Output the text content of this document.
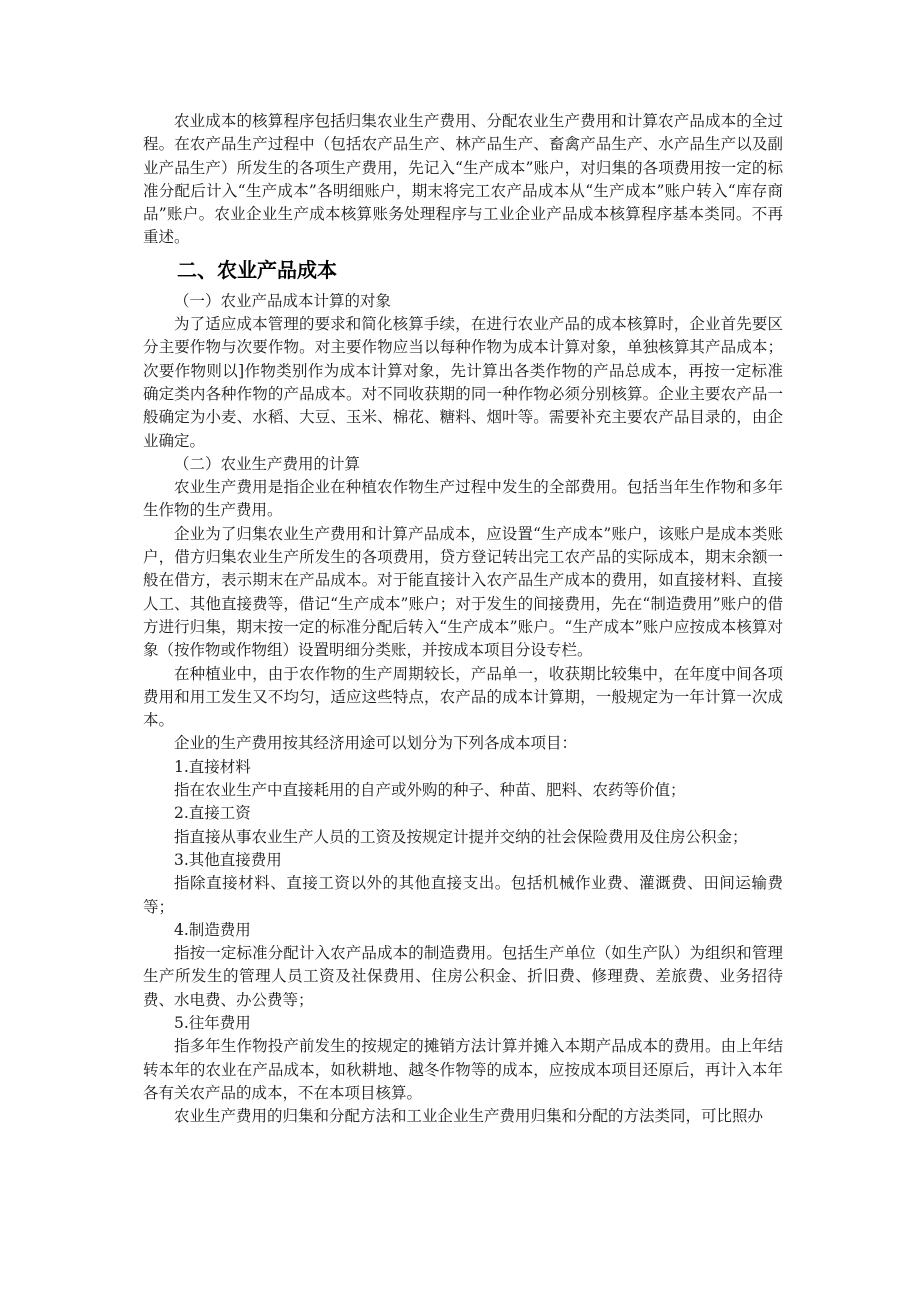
农业成本的核算程序包括归集农业生产费用、分配农业生产费用和计算农产品成本的全过程。在农产品生产过程中（包括农产品生产、林产品生产、畜禽产品生产、水产品生产以及副业产品生产）所发生的各项生产费用，先记入“生产成本”账户，对归集的各项费用按一定的标准分配后计入“生产成本”各明细账户，期末将完工农产品成本从“生产成本”账户转入“库存商品”账户。农业企业生产成本核算账务处理程序与工业企业产品成本核算程序基本类同。不再重述。

二、农业产品成本
（一）农业产品成本计算的对象

为了适应成本管理的要求和简化核算手续，在进行农业产品的成本核算时，企业首先要区分主要作物与次要作物。对主要作物应当以每种作物为成本计算对象，单独核算其产品成本；次要作物则以]作物类别作为成本计算对象，先计算出各类作物的产品总成本，再按一定标准确定类内各种作物的产品成本。对不同收获期的同一种作物必须分别核算。企业主要农产品一般确定为小麦、水稻、大豆、玉米、棉花、糖料、烟叶等。需要补充主要农产品目录的，由企业确定。

（二）农业生产费用的计算

农业生产费用是指企业在种植农作物生产过程中发生的全部费用。包括当年生作物和多年生作物的生产费用。

企业为了归集农业生产费用和计算产品成本，应设置“生产成本”账户，该账户是成本类账户，借方归集农业生产所发生的各项费用，贷方登记转出完工农产品的实际成本，期末余额一般在借方，表示期末在产品成本。对于能直接计入农产品生产成本的费用，如直接材料、直接人工、其他直接费等，借记“生产成本”账户；对于发生的间接费用，先在“制造费用”账户的借方进行归集，期末按一定的标准分配后转入“生产成本”账户。“生产成本”账户应按成本核算对象（按作物或作物组）设置明细分类账，并按成本项目分设专栏。

在种植业中，由于农作物的生产周期较长，产品单一，收获期比较集中，在年度中间各项费用和用工发生又不均匀，适应这些特点，农产品的成本计算期，一般规定为一年计算一次成本。

企业的生产费用按其经济用途可以划分为下列各成本项目：

1.直接材料

指在农业生产中直接耗用的自产或外购的种子、种苗、肥料、农药等价值；

2.直接工资

指直接从事农业生产人员的工资及按规定计提并交纳的社会保险费用及住房公积金；

3.其他直接费用

指除直接材料、直接工资以外的其他直接支出。包括机械作业费、灌溉费、田间运输费等；

4.制造费用

指按一定标准分配计入农产品成本的制造费用。包括生产单位（如生产队）为组织和管理生产所发生的管理人员工资及社保费用、住房公积金、折旧费、修理费、差旅费、业务招待费、水电费、办公费等；

5.往年费用

指多年生作物投产前发生的按规定的摊销方法计算并摊入本期产品成本的费用。由上年结转本年的农业在产品成本，如秋耕地、越冬作物等的成本，应按成本项目还原后，再计入本年各有关农产品的成本，不在本项目核算。

农业生产费用的归集和分配方法和工业企业生产费用归集和分配的方法类同，可比照办
